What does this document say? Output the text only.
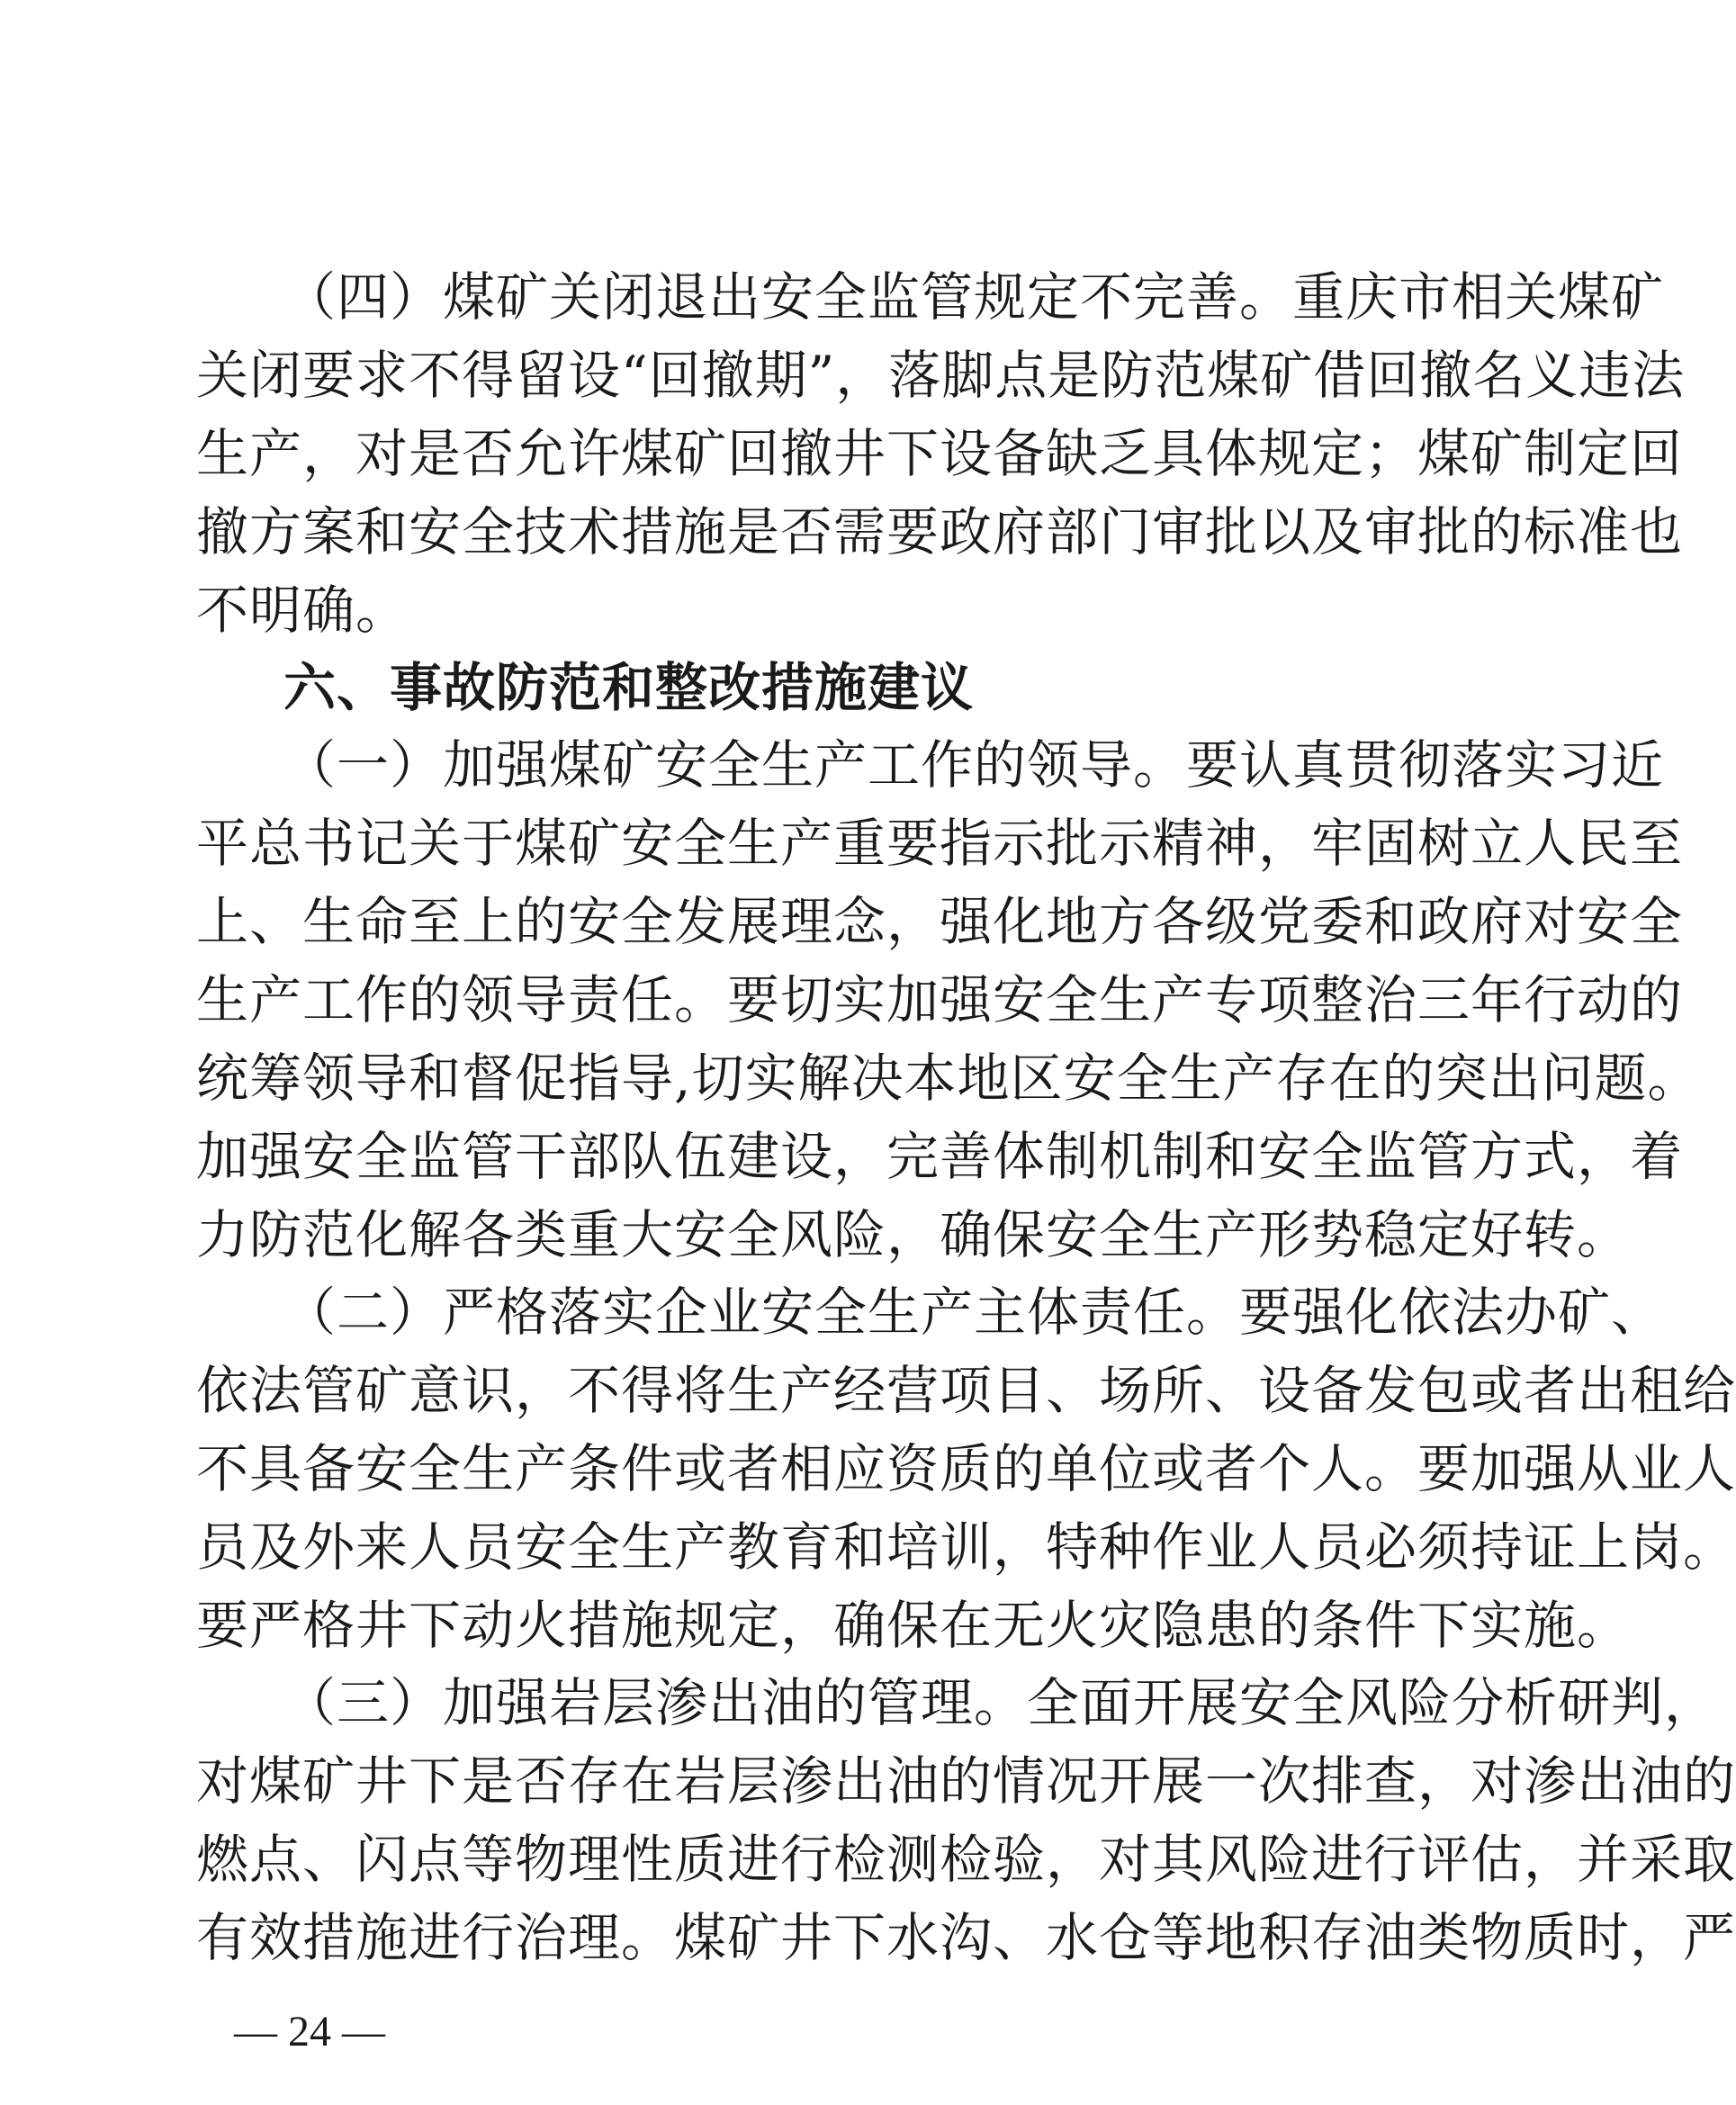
（四）煤矿关闭退出安全监管规定不完善。重庆市相关煤矿
关闭要求不得留设“回撤期”，落脚点是防范煤矿借回撤名义违法
生产，对是否允许煤矿回撤井下设备缺乏具体规定；煤矿制定回
撤方案和安全技术措施是否需要政府部门审批以及审批的标准也
不明确。
六、事故防范和整改措施建议
（一）加强煤矿安全生产工作的领导。要认真贯彻落实习近
平总书记关于煤矿安全生产重要指示批示精神，牢固树立人民至
上、生命至上的安全发展理念，强化地方各级党委和政府对安全
生产工作的领导责任。要切实加强安全生产专项整治三年行动的
统筹领导和督促指导,切实解决本地区安全生产存在的突出问题。
加强安全监管干部队伍建设，完善体制机制和安全监管方式，着
力防范化解各类重大安全风险，确保安全生产形势稳定好转。
（二）严格落实企业安全生产主体责任。要强化依法办矿、
依法管矿意识，不得将生产经营项目、场所、设备发包或者出租给
不具备安全生产条件或者相应资质的单位或者个人。要加强从业人
员及外来人员安全生产教育和培训，特种作业人员必须持证上岗。
要严格井下动火措施规定，确保在无火灾隐患的条件下实施。
（三）加强岩层渗出油的管理。全面开展安全风险分析研判，
对煤矿井下是否存在岩层渗出油的情况开展一次排查，对渗出油的
燃点、闪点等物理性质进行检测检验，对其风险进行评估，并采取
有效措施进行治理。煤矿井下水沟、水仓等地积存油类物质时，严
— 24 —
